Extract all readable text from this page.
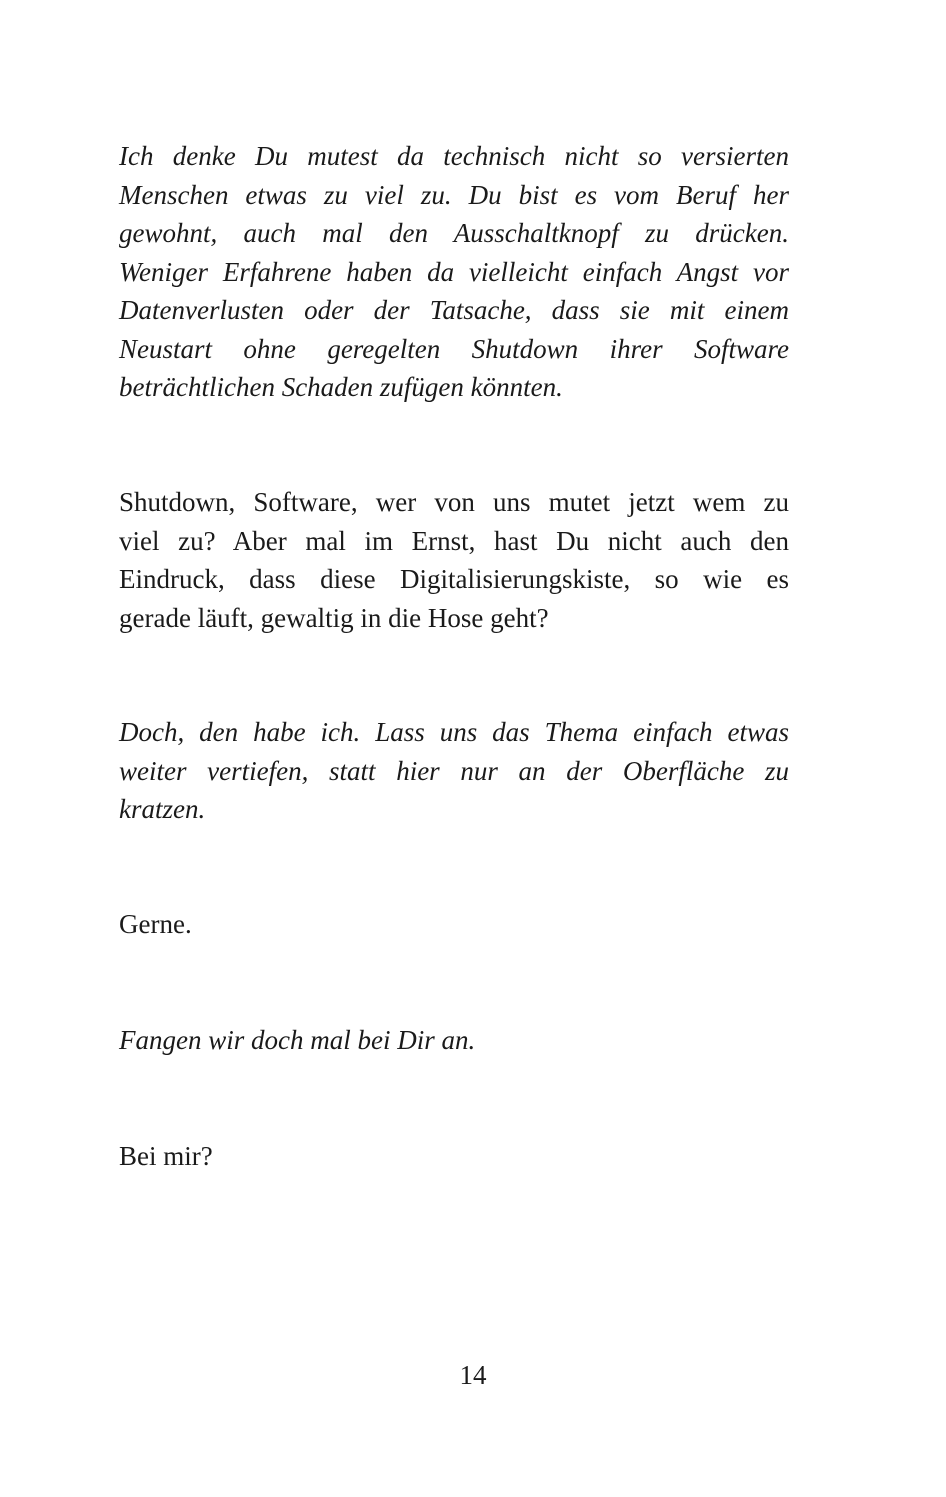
Ich denke Du mutest da technisch nicht so versierten
Menschen etwas zu viel zu. Du bist es vom Beruf her
gewohnt, auch mal den Ausschaltknopf zu drücken.
Weniger Erfahrene haben da vielleicht einfach Angst vor
Datenverlusten oder der Tatsache, dass sie mit einem
Neustart ohne geregelten Shutdown ihrer Software
beträchtlichen Schaden zufügen könnten.

Shutdown, Software, wer von uns mutet jetzt wem zu
viel zu? Aber mal im Ernst, hast Du nicht auch den
Eindruck, dass diese Digitalisierungskiste, so wie es
gerade läuft, gewaltig in die Hose geht?

Doch, den habe ich. Lass uns das Thema einfach etwas
weiter vertiefen, statt hier nur an der Oberfläche zu
kratzen.

Gerne.

Fangen wir doch mal bei Dir an.

Bei mir?

14
